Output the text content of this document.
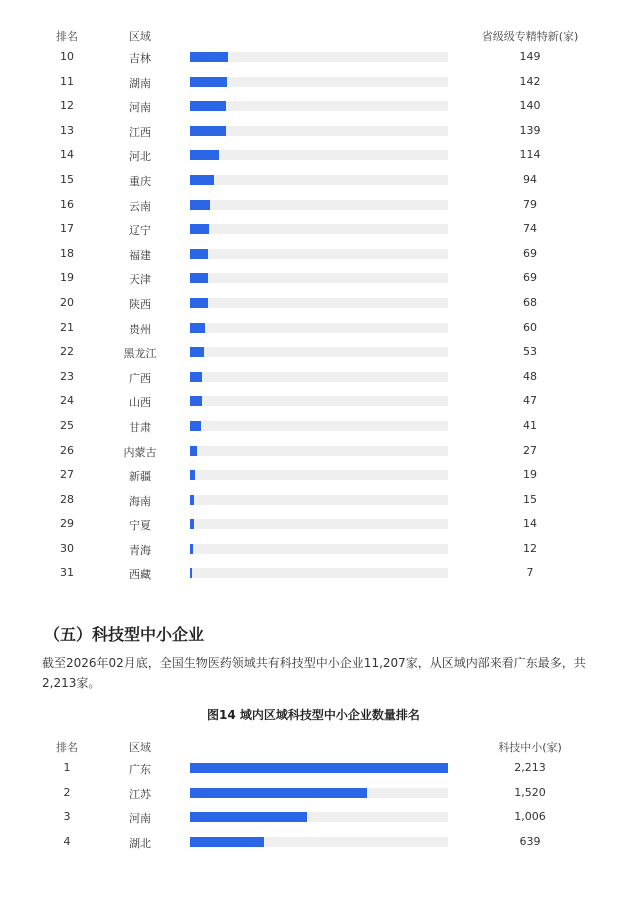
排名	区域	省级级专精特新(家)
10	吉林	149
11	湖南	142
12	河南	140
13	江西	139
14	河北	114
15	重庆	94
16	云南	79
17	辽宁	74
18	福建	69
19	天津	69
20	陕西	68
21	贵州	60
22	黑龙江	53
23	广西	48
24	山西	47
25	甘肃	41
26	内蒙古	27
27	新疆	19
28	海南	15
29	宁夏	14
30	青海	12
31	西藏	7
（五）科技型中小企业
截至2026年02月底，全国生物医药领域共有科技型中小企业11,207家，从区域内部来看广东最多，共2,213家。
图14 域内区域科技型中小企业数量排名
排名	区域	科技中小(家)
1	广东	2,213
2	江苏	1,520
3	河南	1,006
4	湖北	639
